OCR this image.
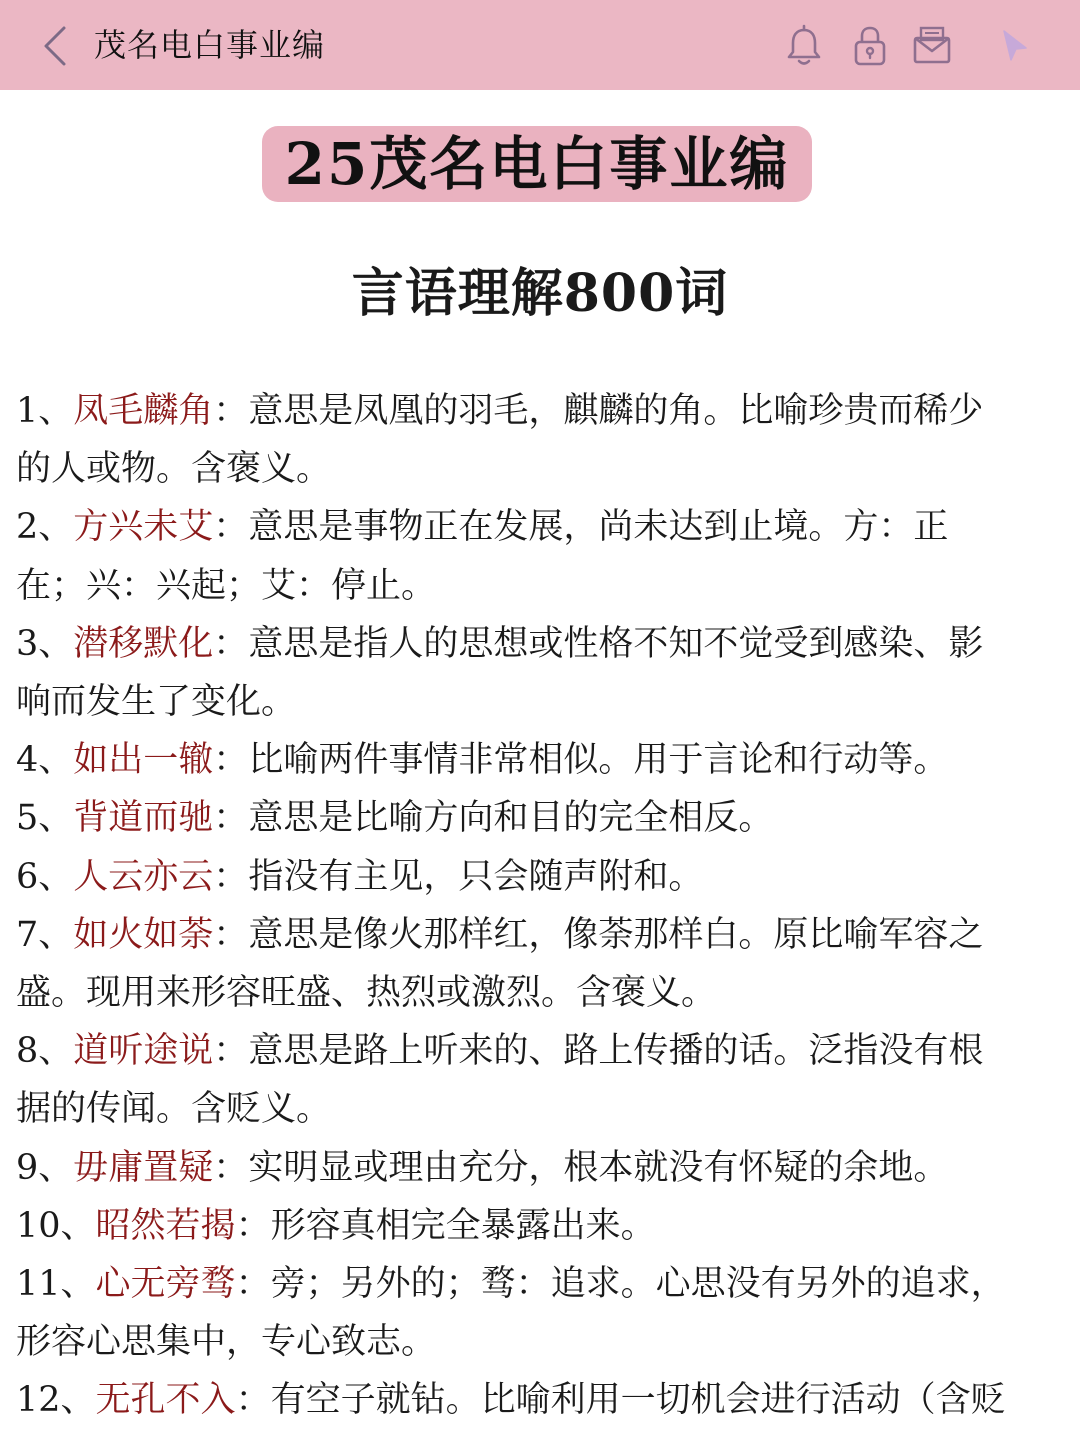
茂名电白事业编
25茂名电白事业编
言语理解800词

1、凤毛麟角：意思是凤凰的羽毛，麒麟的角。比喻珍贵而稀少的人或物。含褒义。

2、方兴未艾：意思是事物正在发展，尚未达到止境。方：正在；兴：兴起；艾：停止。

3、潜移默化：意思是指人的思想或性格不知不觉受到感染、影响而发生了变化。

4、如出一辙：比喻两件事情非常相似。用于言论和行动等。

5、背道而驰：意思是比喻方向和目的完全相反。

6、人云亦云：指没有主见，只会随声附和。

7、如火如荼：意思是像火那样红，像荼那样白。原比喻军容之盛。现用来形容旺盛、热烈或激烈。含褒义。

8、道听途说：意思是路上听来的、路上传播的话。泛指没有根据的传闻。含贬义。

9、毋庸置疑：实明显或理由充分，根本就没有怀疑的余地。

10、昭然若揭：形容真相完全暴露出来。

11、心无旁骛：旁；另外的；骛：追求。心思没有另外的追求，形容心思集中，专心致志。

12、无孔不入：有空子就钻。比喻利用一切机会进行活动（含贬
